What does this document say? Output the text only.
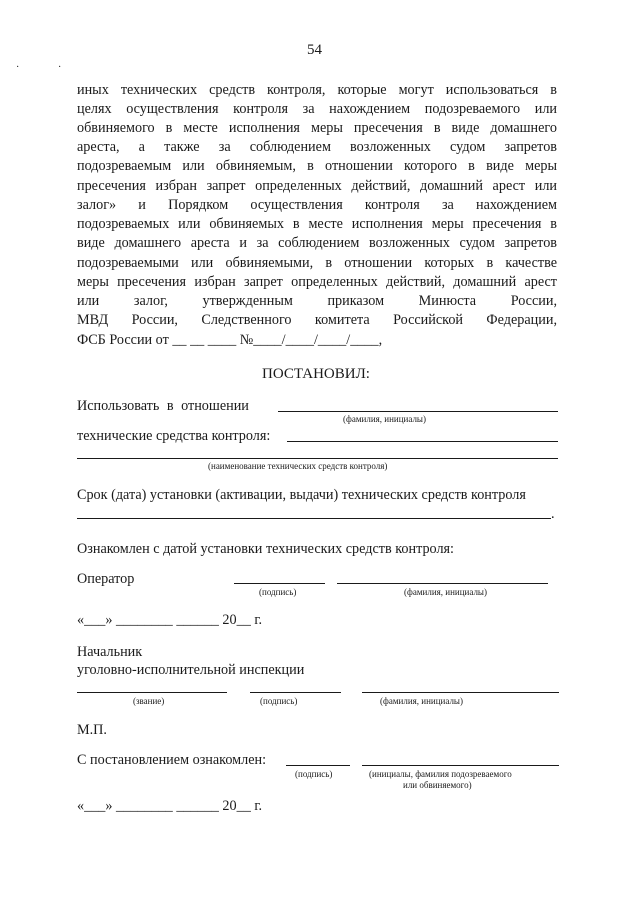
54
·	·
иных технических средств контроля, которые могут использоваться в
целях осуществления контроля за нахождением подозреваемого или
обвиняемого в месте исполнения меры пресечения в виде домашнего
ареста, а также за соблюдением возложенных судом запретов
подозреваемым или обвиняемым, в отношении которого в виде меры
пресечения избран запрет определенных действий, домашний арест или
залог» и Порядком осуществления контроля за нахождением
подозреваемых или обвиняемых в месте исполнения меры пресечения в
виде домашнего ареста и за соблюдением возложенных судом запретов
подозреваемыми или обвиняемыми, в отношении которых в качестве
меры пресечения избран запрет определенных действий, домашний арест
или залог, утвержденным приказом Минюста России,
МВД России, Следственного комитета Российской Федерации,
ФСБ России от __ __ ____ №____/____/____/____,
ПОСТАНОВИЛ:
Использовать в отношении
(фамилия, инициалы)
технические средства контроля:
(наименование технических средств контроля)
Срок (дата) установки (активации, выдачи) технических средств контроля
.
Ознакомлен с датой установки технических средств контроля:
Оператор
(подпись)	(фамилия, инициалы)
«___» ________ ______ 20__ г.
Начальник
уголовно-исполнительной инспекции
(звание)	(подпись)	(фамилия, инициалы)
М.П.
С постановлением ознакомлен:
(подпись)	(инициалы, фамилия подозреваемого
или обвиняемого)
«___» ________ ______ 20__ г.
